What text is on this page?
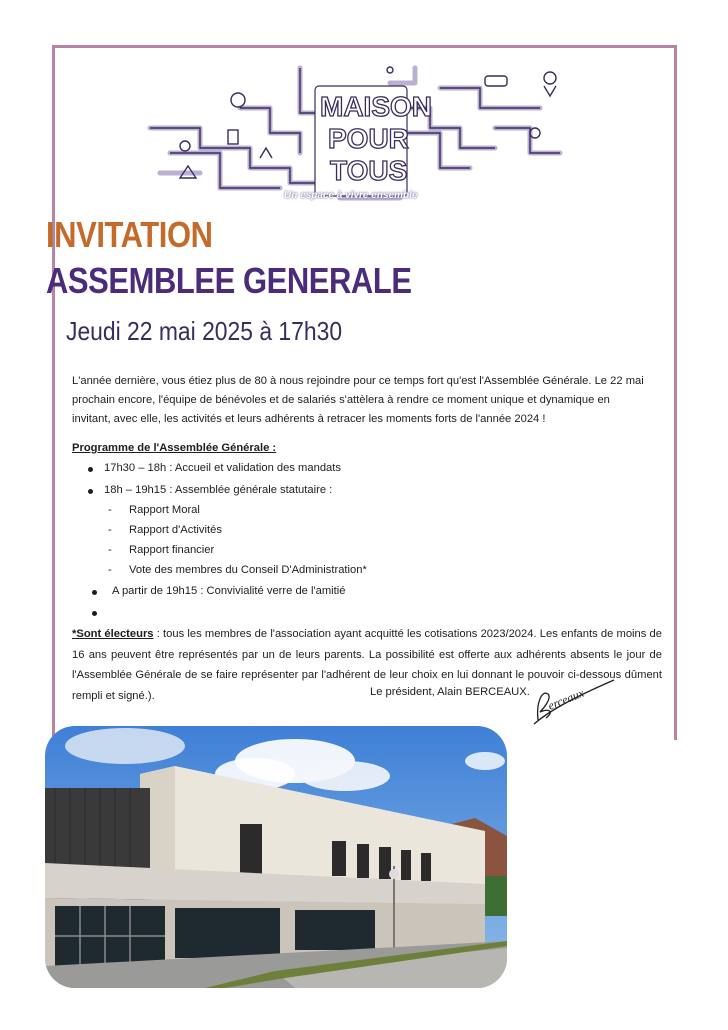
MAISON
POUR
TOUS
Un espace à vivre ensemble
INVITATION
ASSEMBLEE GENERALE
Jeudi 22 mai 2025 à 17h30
L'année dernière, vous étiez plus de 80 à nous rejoindre pour ce temps fort qu'est l'Assemblée Générale. Le 22 mai
prochain encore, l'équipe de bénévoles et de salariés s'attèlera à rendre ce moment unique et dynamique en
invitant, avec elle, les activités et leurs adhérents à retracer les moments forts de l'année 2024 !
Programme de l'Assemblée Générale :
17h30 – 18h : Accueil et validation des mandats
18h – 19h15 : Assemblée générale statutaire :
- Rapport Moral
- Rapport d'Activités
- Rapport financier
- Vote des membres du Conseil D'Administration*
A partir de 19h15 : Convivialité verre de l'amitié
*Sont électeurs : tous les membres de l'association ayant acquitté les cotisations 2023/2024. Les enfants de moins de 16 ans peuvent être représentés par un de leurs parents. La possibilité est offerte aux adhérents absents le jour de l'Assemblée Générale de se faire représenter par l'adhérent de leur choix en lui donnant le pouvoir ci-dessous dûment rempli et signé.).	Le président, Alain BERCEAUX. erceaux
